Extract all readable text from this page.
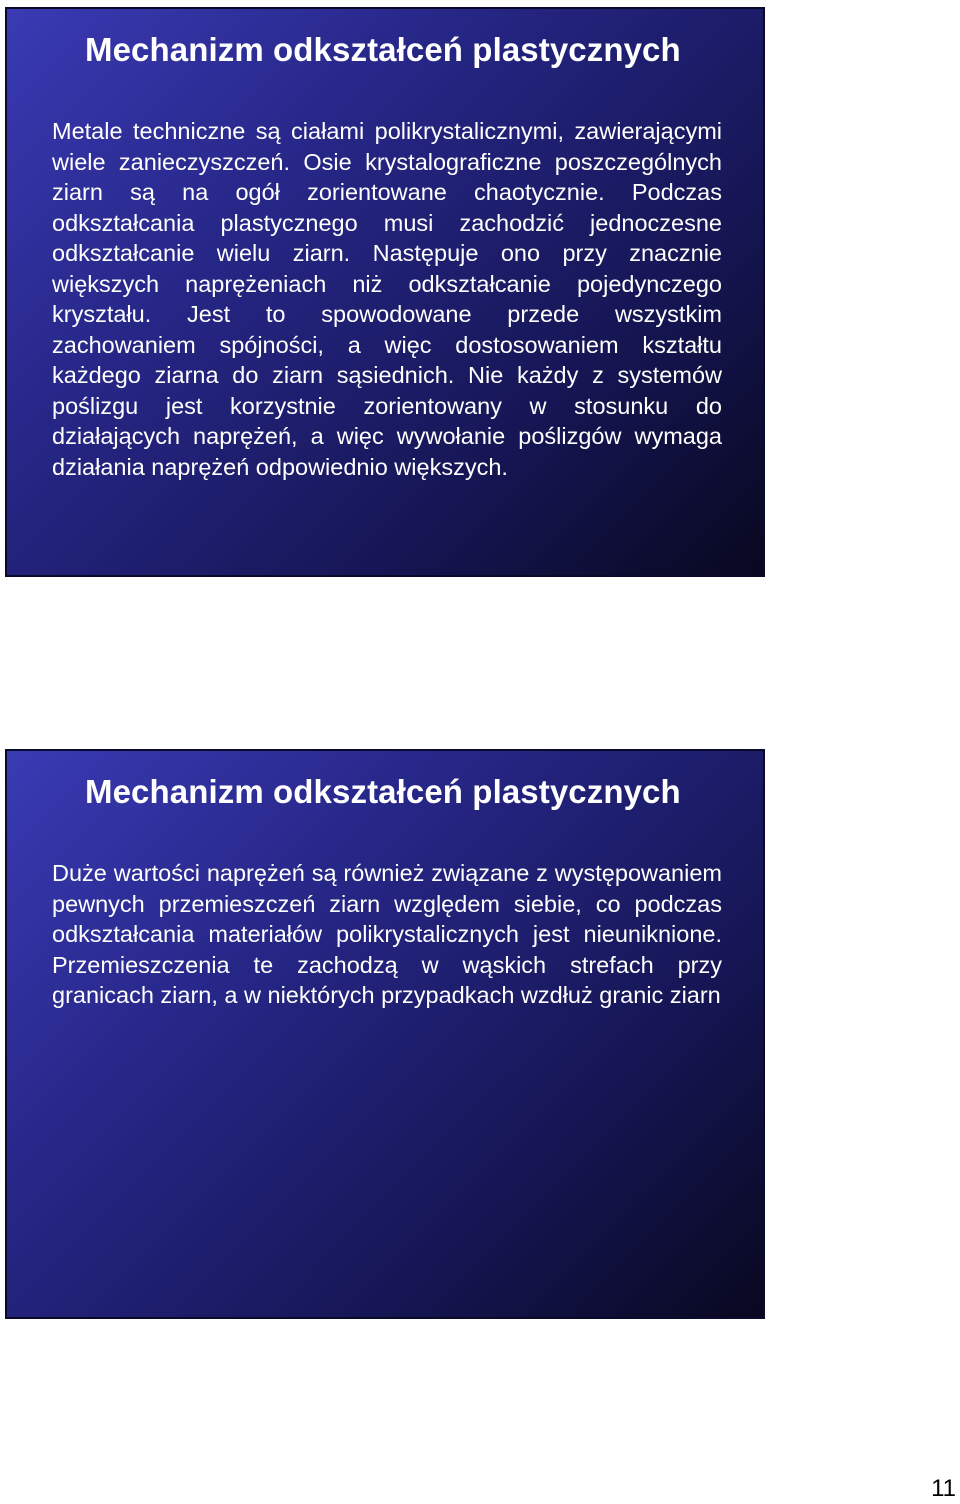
Mechanizm odkształceń plastycznych

Metale techniczne są ciałami polikrystalicznymi, zawierającymi wiele zanieczyszczeń. Osie krystalograficzne poszczególnych ziarn są na ogół zorientowane chaotycznie. Podczas odkształcania plastycznego musi zachodzić jednoczesne odkształcanie wielu ziarn. Następuje ono przy znacznie większych naprężeniach niż odkształcanie pojedynczego kryształu. Jest to spowodowane przede wszystkim zachowaniem spójności, a więc dostosowaniem kształtu każdego ziarna do ziarn sąsiednich. Nie każdy z systemów poślizgu jest korzystnie zorientowany w stosunku do działających naprężeń, a więc wywołanie poślizgów wymaga działania naprężeń odpowiednio większych.

Mechanizm odkształceń plastycznych

Duże wartości naprężeń są również związane z występowaniem pewnych przemieszczeń ziarn względem siebie, co podczas odkształcania materiałów polikrystalicznych jest nieuniknione. Przemieszczenia te zachodzą w wąskich strefach przy granicach ziarn, a w niektórych przypadkach wzdłuż granic ziarn

11
